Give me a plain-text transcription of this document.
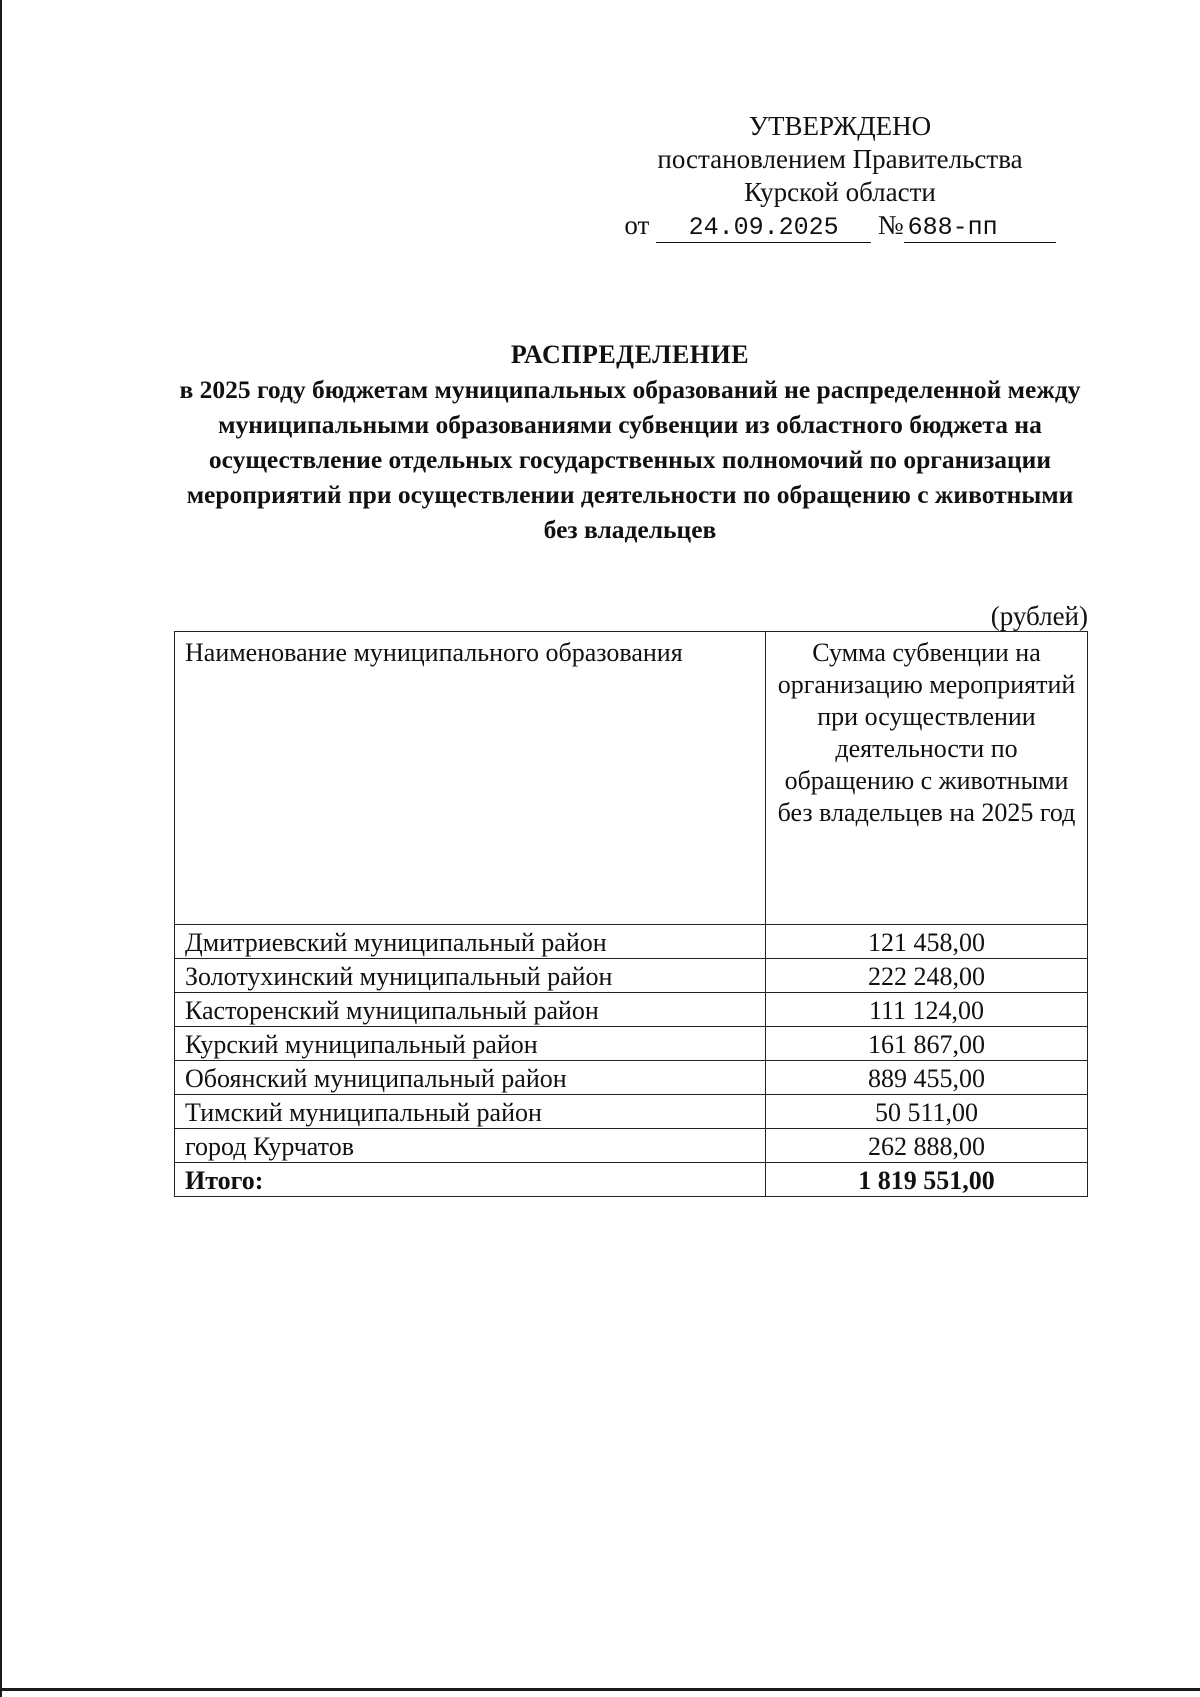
УТВЕРЖДЕНО
постановлением Правительства
Курской области
от 24.09.2025 № 688-пп
РАСПРЕДЕЛЕНИЕ
в 2025 году бюджетам муниципальных образований не распределенной между муниципальными образованиями субвенции из областного бюджета на осуществление отдельных государственных полномочий по организации мероприятий при осуществлении деятельности по обращению с животными без владельцев
(рублей)
Наименование муниципального образования	Сумма субвенции на организацию мероприятий при осуществлении деятельности по обращению с животными без владельцев на 2025 год
Дмитриевский муниципальный район	121 458,00
Золотухинский муниципальный район	222 248,00
Касторенский муниципальный район	111 124,00
Курский муниципальный район	161 867,00
Обоянский муниципальный район	889 455,00
Тимский муниципальный район	50 511,00
город Курчатов	262 888,00
Итого:	1 819 551,00
